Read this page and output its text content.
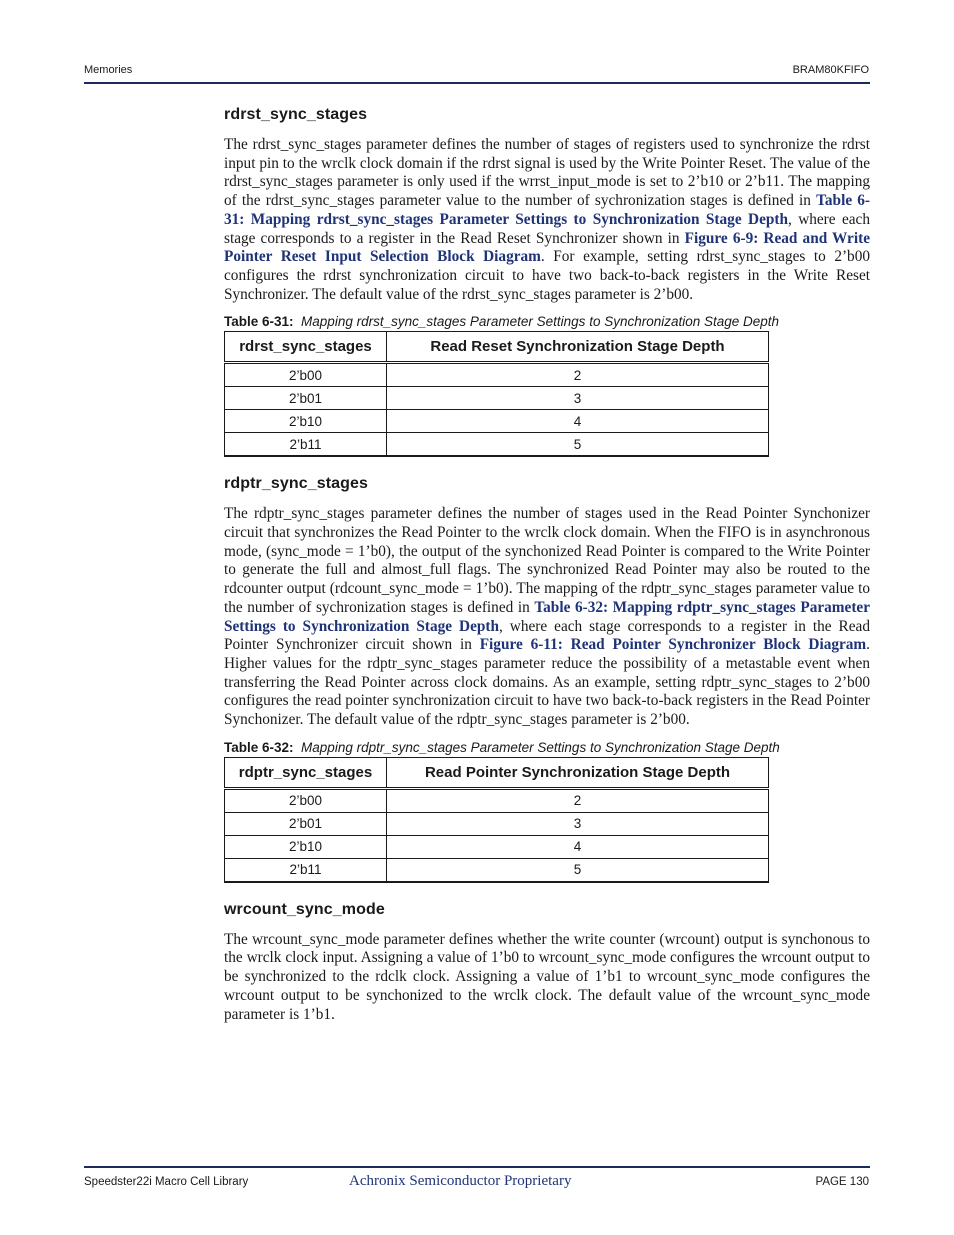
Memories	BRAM80KFIFO
rdrst_sync_stages

The rdrst_sync_stages parameter defines the number of stages of registers used to synchronize the rdrst input pin to the wrclk clock domain if the rdrst signal is used by the Write Pointer Reset. The value of the rdrst_sync_stages parameter is only used if the wrrst_input_mode is set to 2’b10 or 2’b11. The mapping of the rdrst_sync_stages parameter value to the number of sychronization stages is defined in Table 6-31: Mapping rdrst_sync_stages Parameter Settings to Synchronization Stage Depth, where each stage corresponds to a register in the Read Reset Synchronizer shown in Figure 6-9: Read and Write Pointer Reset Input Selection Block Diagram. For example, setting rdrst_sync_stages to 2’b00 configures the rdrst synchronization circuit to have two back-to-back registers in the Write Reset Synchronizer. The default value of the rdrst_sync_stages parameter is 2’b00.

Table 6-31: Mapping rdrst_sync_stages Parameter Settings to Synchronization Stage Depth
rdrst_sync_stages	Read Reset Synchronization Stage Depth
2’b00	2
2’b01	3
2’b10	4
2’b11	5
rdptr_sync_stages

The rdptr_sync_stages parameter defines the number of stages used in the Read Pointer Synchonizer circuit that synchronizes the Read Pointer to the wrclk clock domain. When the FIFO is in asynchronous mode, (sync_mode = 1’b0), the output of the synchonized Read Pointer is compared to the Write Pointer to generate the full and almost_full flags. The synchronized Read Pointer may also be routed to the rdcounter output (rdcount_sync_mode = 1’b0). The mapping of the rdptr_sync_stages parameter value to the number of sychronization stages is defined in Table 6-32: Mapping rdptr_sync_stages Parameter Settings to Synchronization Stage Depth, where each stage corresponds to a register in the Read Pointer Synchronizer circuit shown in Figure 6-11: Read Pointer Synchronizer Block Diagram. Higher values for the rdptr_sync_stages parameter reduce the possibility of a metastable event when transferring the Read Pointer across clock domains. As an example, setting rdptr_sync_stages to 2’b00 configures the read pointer synchronization circuit to have two back-to-back registers in the Read Pointer Synchonizer. The default value of the rdptr_sync_stages parameter is 2’b00.

Table 6-32: Mapping rdptr_sync_stages Parameter Settings to Synchronization Stage Depth
rdptr_sync_stages	Read Pointer Synchronization Stage Depth
2’b00	2
2’b01	3
2’b10	4
2’b11	5
wrcount_sync_mode

The wrcount_sync_mode parameter defines whether the write counter (wrcount) output is synchonous to the wrclk clock input. Assigning a value of 1’b0 to wrcount_sync_mode configures the wrcount output to be synchronized to the rdclk clock. Assigning a value of 1’b1 to wrcount_sync_mode configures the wrcount output to be synchonized to the wrclk clock. The default value of the wrcount_sync_mode parameter is 1’b1.

Speedster22i Macro Cell Library	Achronix Semiconductor Proprietary	PAGE 130
